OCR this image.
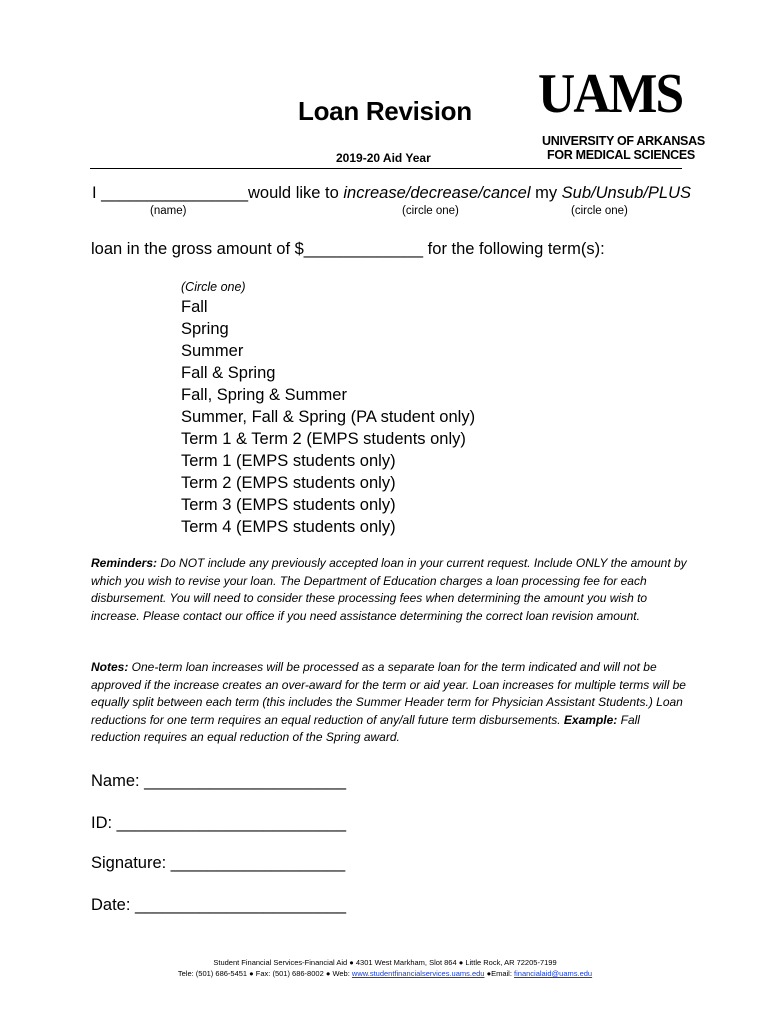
Loan Revision
2019-20 Aid Year
UAMS
UNIVERSITY OF ARKANSAS
FOR MEDICAL SCIENCES
I ________________would like to increase/decrease/cancel my Sub/Unsub/PLUS
(name)	(circle one)	(circle one)
loan in the gross amount of $_____________ for the following term(s):
(Circle one)
Fall
Spring
Summer
Fall & Spring
Fall, Spring & Summer
Summer, Fall & Spring (PA student only)
Term 1 & Term 2 (EMPS students only)
Term 1 (EMPS students only)
Term 2 (EMPS students only)
Term 3 (EMPS students only)
Term 4 (EMPS students only)
Reminders: Do NOT include any previously accepted loan in your current request. Include ONLY the amount by which you wish to revise your loan. The Department of Education charges a loan processing fee for each disbursement. You will need to consider these processing fees when determining the amount you wish to increase. Please contact our office if you need assistance determining the correct loan revision amount.
Notes: One-term loan increases will be processed as a separate loan for the term indicated and will not be approved if the increase creates an over-award for the term or aid year. Loan increases for multiple terms will be equally split between each term (this includes the Summer Header term for Physician Assistant Students.) Loan reductions for one term requires an equal reduction of any/all future term disbursements. Example: Fall reduction requires an equal reduction of the Spring award.
Name: ______________________
ID: _________________________
Signature: ___________________
Date: _______________________
Student Financial Services-Financial Aid ● 4301 West Markham, Slot 864 ● Little Rock, AR 72205-7199
Tele: (501) 686-5451 ● Fax: (501) 686-8002 ● Web: www.studentfinancialservices.uams.edu ●Email: financialaid@uams.edu
